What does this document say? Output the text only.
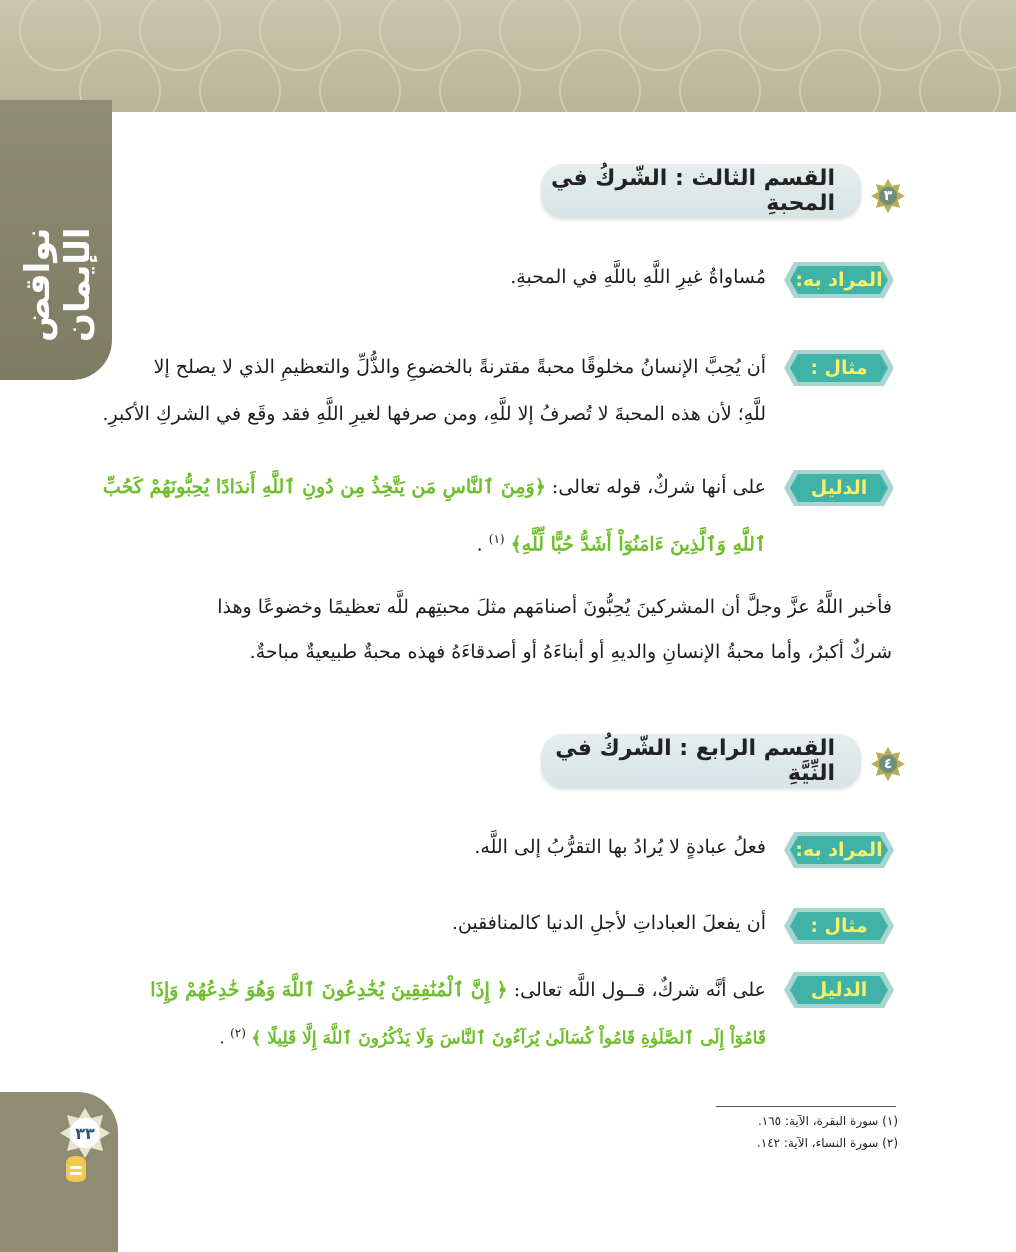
نواقض الإيمان
٣
القسم الثالث : الشّركُ في المحبةِ
المراد به:
مُساواةُ غيرِ اللَّهِ باللَّهِ في المحبةِ.
مثال :
أن يُحِبَّ الإنسانُ مخلوقًا محبةً مقترنةً بالخضوعِ والذُّلِّ والتعظيمِ الذي لا يصلح إلا
للَّهِ؛ لأن هذه المحبةَ لا تُصرفُ إلا للَّهِ، ومن صرفها لغيرِ اللَّهِ فقد وقَع في الشركِ الأكبرِ.
الدليل
على أنها شركٌ، قوله تعالى: ﴿وَمِنَ ٱلنَّاسِ مَن يَتَّخِذُ مِن دُونِ ٱللَّهِ أَندَادًا يُحِبُّونَهُمْ كَحُبِّ
ٱللَّهِ وَٱلَّذِينَ ءَامَنُوٓاْ أَشَدُّ حُبًّا لِّلَّهِ﴾ $^{(١)}$ .
فأخبر اللَّهُ عزَّ وجلَّ أن المشركينَ يُحِبُّونَ أصنامَهم مثلَ محبتِهم للَّه تعظيمًا وخضوعًا وهذا
شركٌ أكبرُ، وأما محبةُ الإنسانِ والديهِ أو أبناءَهُ أو أصدقاءَهُ فهذه محبةٌ طبيعيةٌ مباحةٌ.
٤
القسم الرابع : الشّركُ في النِّيَّةِ
المراد به:
فعلُ عبادةٍ لا يُرادُ بها التقرُّبُ إلى اللَّه.
مثال :
أن يفعلَ العباداتِ لأجلِ الدنيا كالمنافقين.
الدليل
على أنَّه شركٌ، قــول اللَّه تعالى: ﴿ إِنَّ ٱلْمُنَٰفِقِينَ يُخَٰدِعُونَ ٱللَّهَ وَهُوَ خَٰدِعُهُمْ وَإِذَا
قَامُوٓاْ إِلَى ٱلصَّلَوٰةِ قَامُواْ كُسَالَىٰ يُرَآءُونَ ٱلنَّاسَ وَلَا يَذْكُرُونَ ٱللَّهَ إِلَّا قَلِيلًا ﴾ $^{(٢)}$ .
(١) سورة البقرة، الآية: ١٦٥.
(٢) سورة النساء، الآية: ١٤٢.
٣٣
